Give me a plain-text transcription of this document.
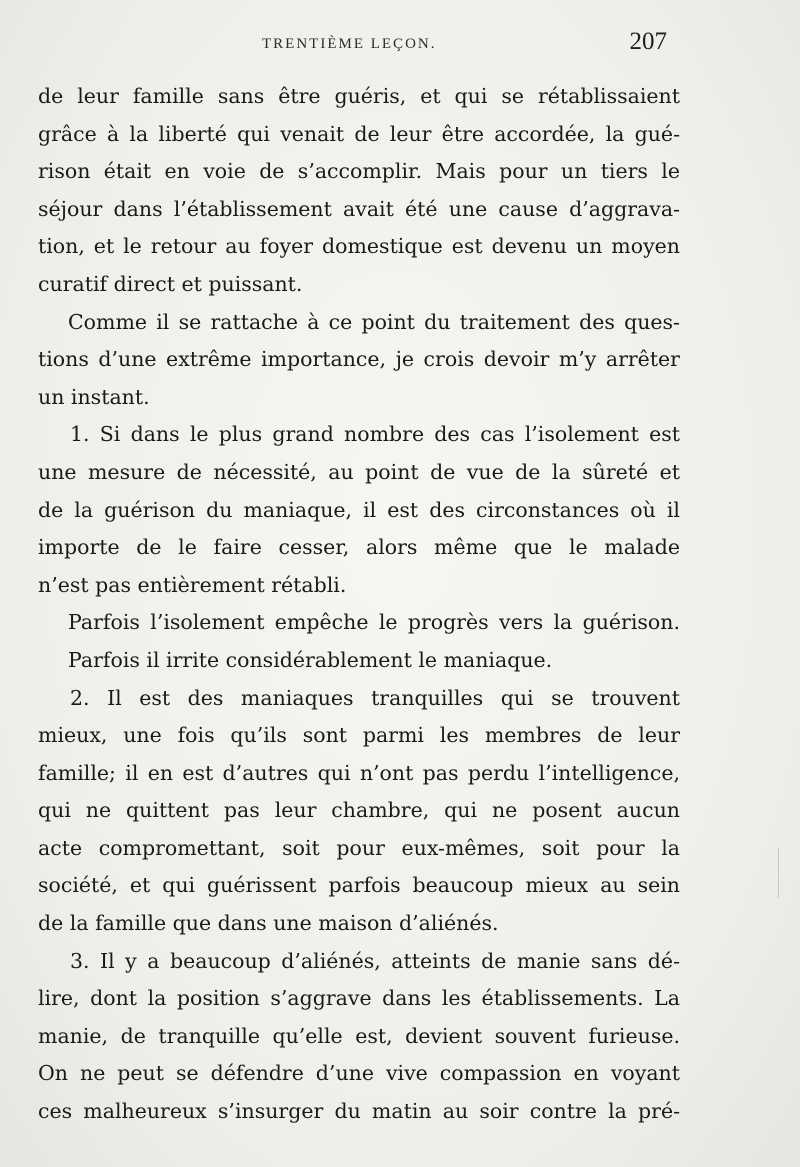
TRENTIÈME LEÇON.	207
de leur famille sans être guéris, et qui se rétablissaient
grâce à la liberté qui venait de leur être accordée, la gué-
rison était en voie de s’accomplir. Mais pour un tiers le
séjour dans l’établissement avait été une cause d’aggrava-
tion, et le retour au foyer domestique est devenu un moyen
curatif direct et puissant.
Comme il se rattache à ce point du traitement des ques-
tions d’une extrême importance, je crois devoir m’y arrêter
un instant.
1. Si dans le plus grand nombre des cas l’isolement est
une mesure de nécessité, au point de vue de la sûreté et
de la guérison du maniaque, il est des circonstances où il
importe de le faire cesser, alors même que le malade
n’est pas entièrement rétabli.
Parfois l’isolement empêche le progrès vers la guérison.
Parfois il irrite considérablement le maniaque.
2. Il est des maniaques tranquilles qui se trouvent
mieux, une fois qu’ils sont parmi les membres de leur
famille; il en est d’autres qui n’ont pas perdu l’intelligence,
qui ne quittent pas leur chambre, qui ne posent aucun
acte compromettant, soit pour eux-mêmes, soit pour la
société, et qui guérissent parfois beaucoup mieux au sein
de la famille que dans une maison d’aliénés.
3. Il y a beaucoup d’aliénés, atteints de manie sans dé-
lire, dont la position s’aggrave dans les établissements. La
manie, de tranquille qu’elle est, devient souvent furieuse.
On ne peut se défendre d’une vive compassion en voyant
ces malheureux s’insurger du matin au soir contre la pré-
